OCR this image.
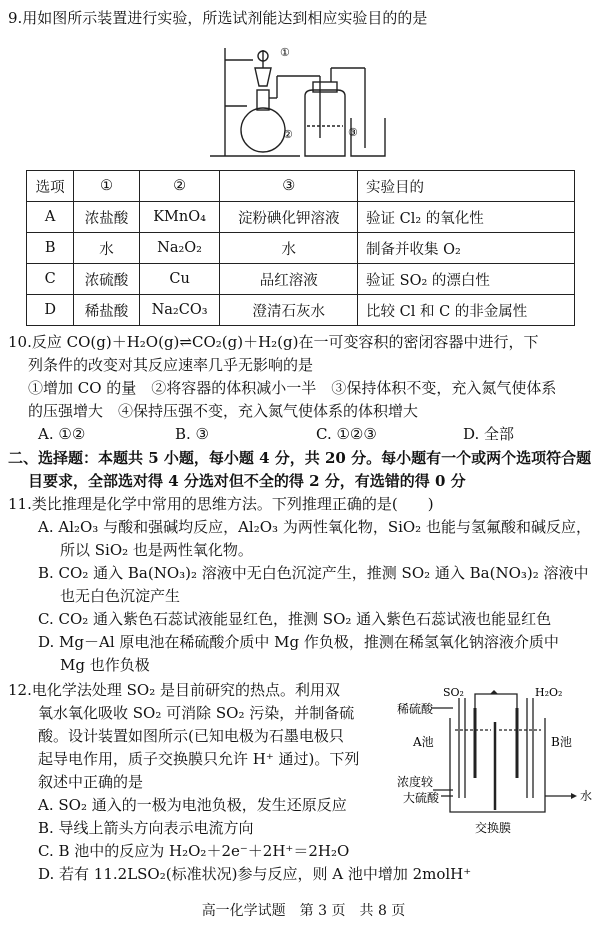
9.用如图所示装置进行实验，所选试剂能达到相应实验目的的是
②
①
③
选项	①	②	③	实验目的
A	浓盐酸	KMnO₄	淀粉碘化钾溶液	验证 Cl₂ 的氧化性
B	水	Na₂O₂	水	制备并收集 O₂
C	浓硫酸	Cu	品红溶液	验证 SO₂ 的漂白性
D	稀盐酸	Na₂CO₃	澄清石灰水	比较 Cl 和 C 的非金属性
10.反应 CO(g)＋H₂O(g)⇌CO₂(g)＋H₂(g)在一可变容积的密闭容器中进行，下
列条件的改变对其反应速率几乎无影响的是
①增加 CO 的量　②将容器的体积减小一半　③保持体积不变，充入氮气使体系
的压强增大　④保持压强不变，充入氮气使体系的体积增大
A. ①②	B. ③	C. ①②③	D. 全部
二、选择题：本题共 5 小题，每小题 4 分，共 20 分。每小题有一个或两个选项符合题
目要求，全部选对得 4 分选对但不全的得 2 分，有选错的得 0 分
11.类比推理是化学中常用的思维方法。下列推理正确的是(　　)
A. Al₂O₃ 与酸和强碱均反应，Al₂O₃ 为两性氧化物，SiO₂ 也能与氢氟酸和碱反应，
所以 SiO₂ 也是两性氧化物。
B. CO₂ 通入 Ba(NO₃)₂ 溶液中无白色沉淀产生，推测 SO₂ 通入 Ba(NO₃)₂ 溶液中
也无白色沉淀产生
C. CO₂ 通入紫色石蕊试液能显红色，推测 SO₂ 通入紫色石蕊试液也能显红色
D. Mg－Al 原电池在稀硫酸介质中 Mg 作负极，推测在稀氢氧化钠溶液介质中
Mg 也作负极
12.电化学法处理 SO₂ 是目前研究的热点。利用双
氧水氧化吸收 SO₂ 可消除 SO₂ 污染，并制备硫
酸。设计装置如图所示(已知电极为石墨电极只
起导电作用，质子交换膜只允许 H⁺ 通过)。下列
叙述中正确的是
A. SO₂ 通入的一极为电池负极，发生还原反应
B. 导线上箭头方向表示电流方向
C. B 池中的反应为 H₂O₂＋2e⁻＋2H⁺＝2H₂O
D. 若有 11.2LSO₂(标准状况)参与反应，则 A 池中增加 2molH⁺
SO₂	H₂O₂
稀硫酸
A池	B池
浓度较
大硫酸	水
交换膜
高一化学试题　第 3 页　共 8 页
